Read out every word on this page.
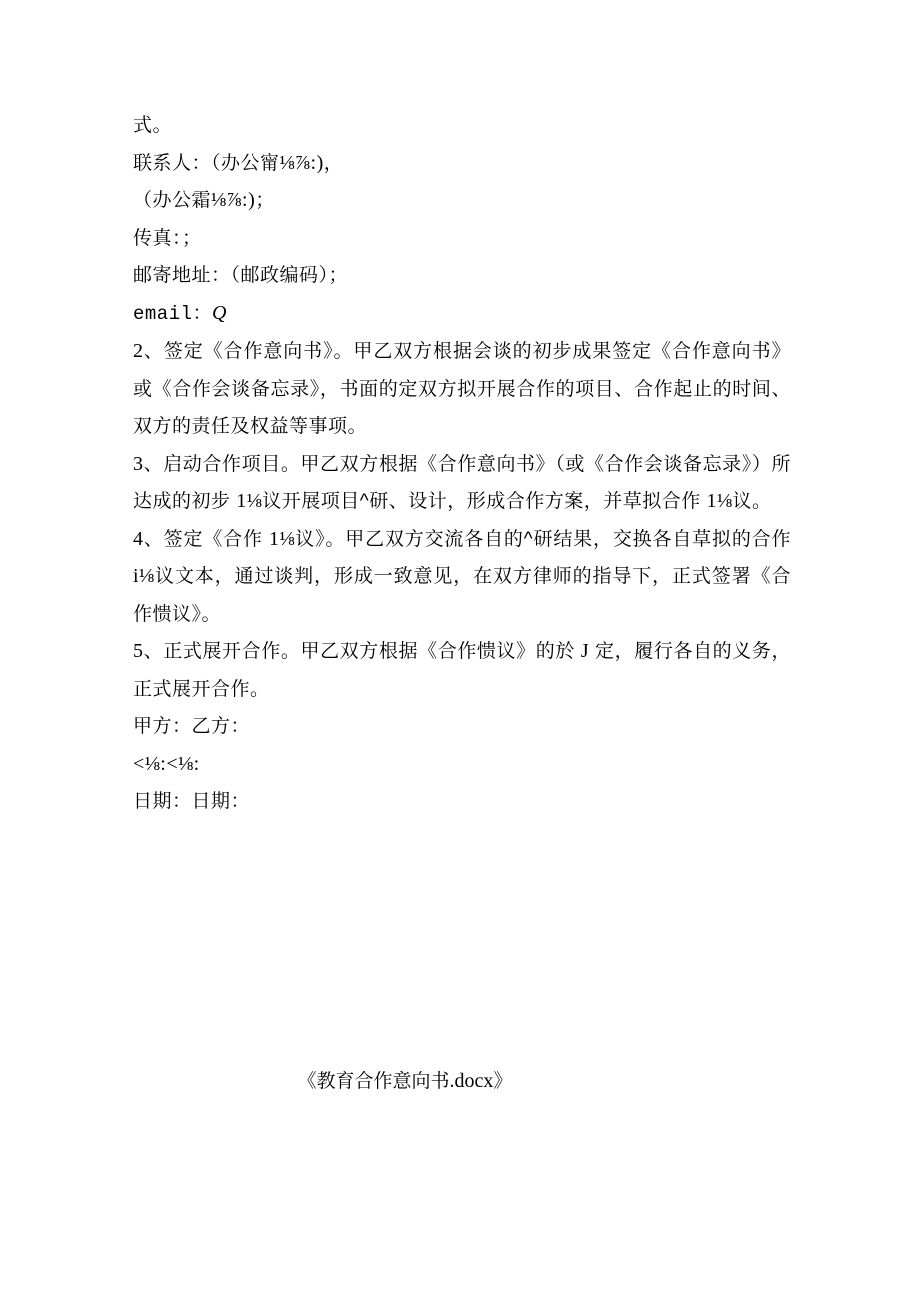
式。
联系人：（办公甯⅛⅞:)，
（办公霜⅛⅞:)；
传真：；
邮寄地址：（邮政编码）；
email：Q
2、签定《合作意向书》。甲乙双方根据会谈的初步成果签定《合作意向书》或《合作会谈备忘录》，书面的定双方拟开展合作的项目、合作起止的时间、双方的责任及权益等事项。
3、启动合作项目。甲乙双方根据《合作意向书》（或《合作会谈备忘录》）所达成的初步 1⅛议开展项目^研、设计，形成合作方案，并草拟合作 1⅛议。
4、签定《合作 1⅛议》。甲乙双方交流各自的^研结果，交换各自草拟的合作 i⅛议文本，通过谈判，形成一致意见，在双方律师的指导下，正式签署《合作愦议》。
5、正式展开合作。甲乙双方根据《合作愦议》的於 J 定，履行各自的义务，正式展开合作。
甲方：乙方：
<⅛:<⅛:
日期：日期：
《教育合作意向书.docx》
